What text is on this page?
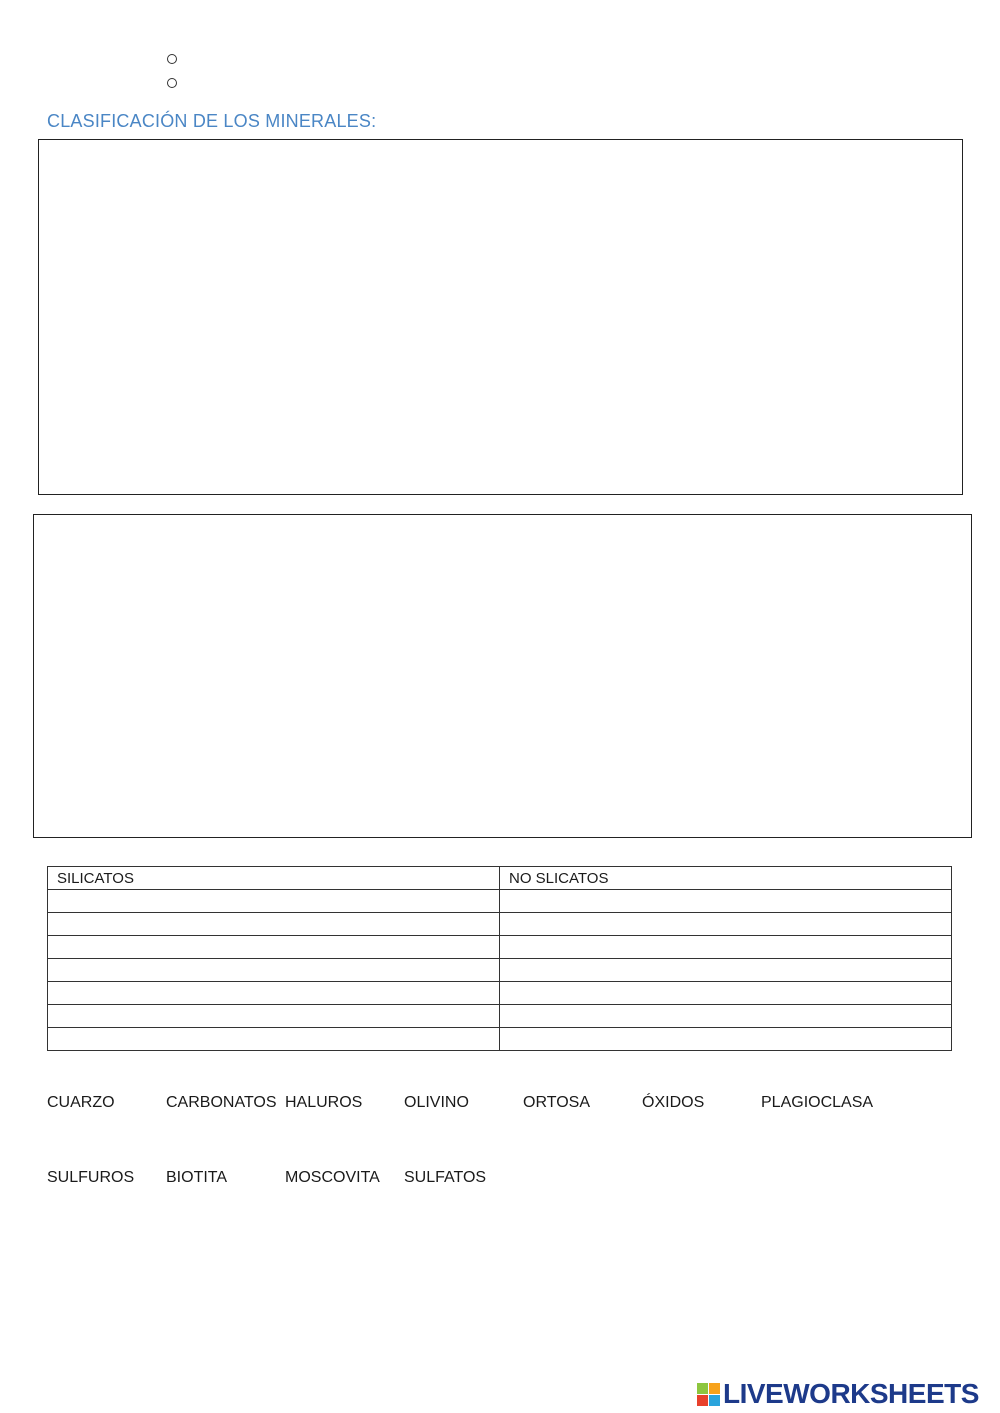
CLASIFICACIÓN DE LOS MINERALES:
SILICATOS	NO SLICATOS

CUARZO	CARBONATOS HALUROS	OLIVINO	ORTOSA	ÓXIDOS	PLAGIOCLASA
SULFUROS BIOTITA	MOSCOVITA SULFATOS
LIVEWORKSHEETS
